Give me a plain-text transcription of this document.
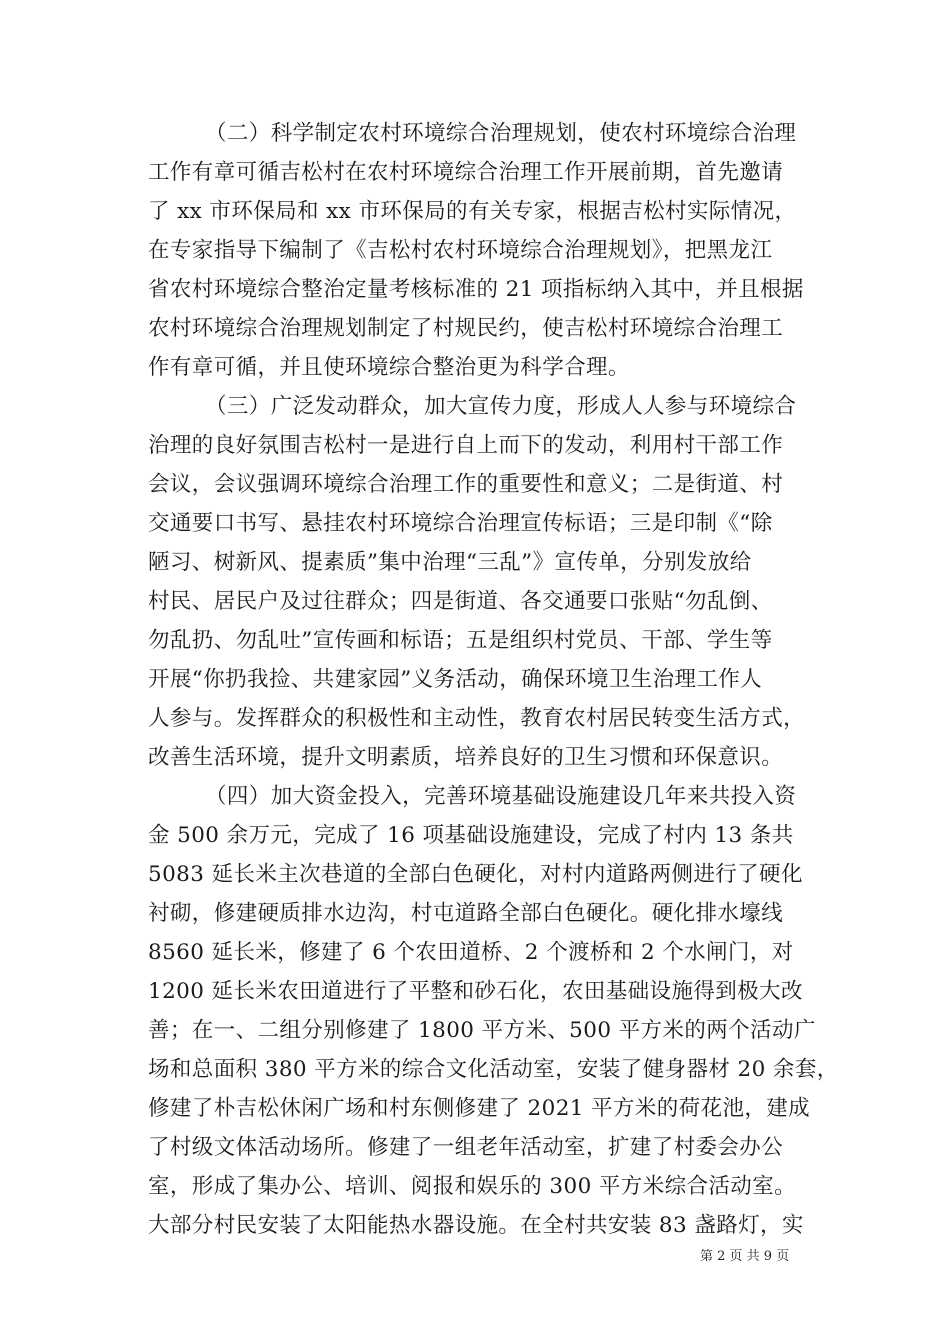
（二）科学制定农村环境综合治理规划，使农村环境综合治理
工作有章可循吉松村在农村环境综合治理工作开展前期，首先邀请
了 xx 市环保局和 xx 市环保局的有关专家，根据吉松村实际情况，
在专家指导下编制了《吉松村农村环境综合治理规划》，把黑龙江
省农村环境综合整治定量考核标准的 21 项指标纳入其中，并且根据
农村环境综合治理规划制定了村规民约，使吉松村环境综合治理工
作有章可循，并且使环境综合整治更为科学合理。
（三）广泛发动群众，加大宣传力度，形成人人参与环境综合
治理的良好氛围吉松村一是进行自上而下的发动，利用村干部工作
会议，会议强调环境综合治理工作的重要性和意义；二是街道、村
交通要口书写、悬挂农村环境综合治理宣传标语；三是印制《“除
陋习、树新风、提素质”集中治理“三乱”》宣传单，分别发放给
村民、居民户及过往群众；四是街道、各交通要口张贴“勿乱倒、
勿乱扔、勿乱吐”宣传画和标语；五是组织村党员、干部、学生等
开展“你扔我捡、共建家园”义务活动，确保环境卫生治理工作人
人参与。发挥群众的积极性和主动性，教育农村居民转变生活方式，
改善生活环境，提升文明素质，培养良好的卫生习惯和环保意识。
（四）加大资金投入，完善环境基础设施建设几年来共投入资
金 500 余万元，完成了 16 项基础设施建设，完成了村内 13 条共
5083 延长米主次巷道的全部白色硬化，对村内道路两侧进行了硬化
衬砌，修建硬质排水边沟，村屯道路全部白色硬化。硬化排水壕线
8560 延长米，修建了 6 个农田道桥、2 个渡桥和 2 个水闸门，对
1200 延长米农田道进行了平整和砂石化，农田基础设施得到极大改
善；在一、二组分别修建了 1800 平方米、500 平方米的两个活动广
场和总面积 380 平方米的综合文化活动室，安装了健身器材 20 余套，
修建了朴吉松休闲广场和村东侧修建了 2021 平方米的荷花池，建成
了村级文体活动场所。修建了一组老年活动室，扩建了村委会办公
室，形成了集办公、培训、阅报和娱乐的 300 平方米综合活动室。
大部分村民安装了太阳能热水器设施。在全村共安装 83 盏路灯，实
第 2 页 共 9 页
